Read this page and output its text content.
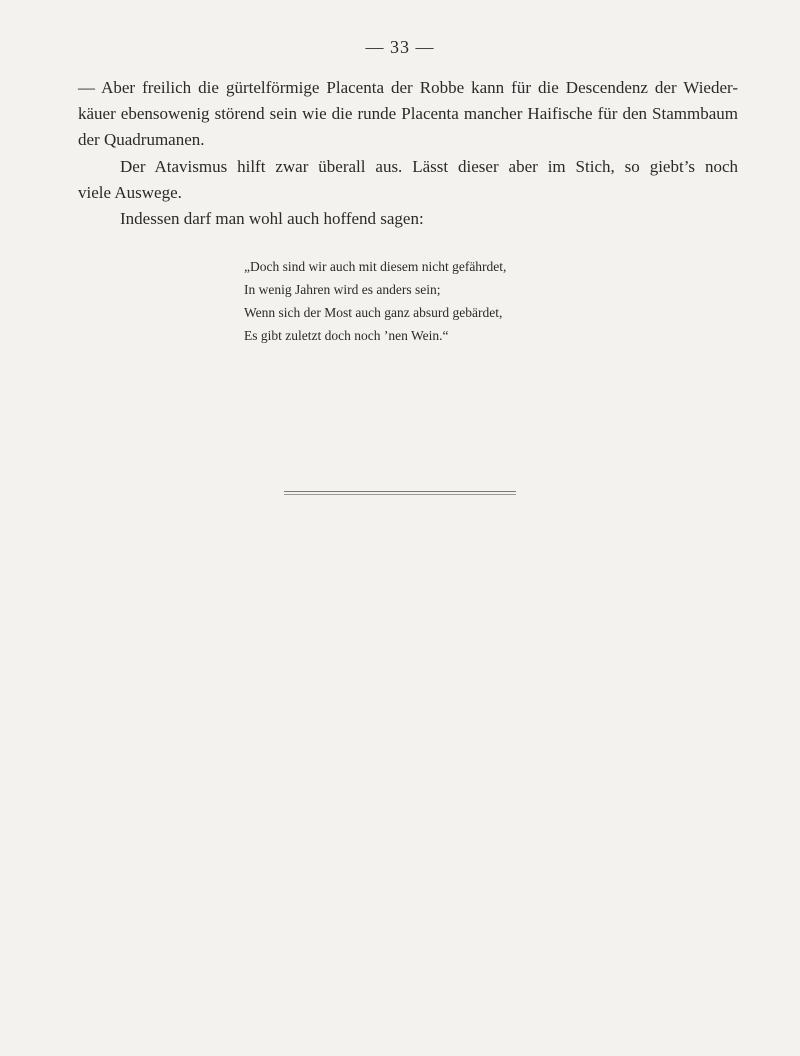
— 33 —
— Aber freilich die gürtelförmige Placenta der Robbe kann für die Descendenz der Wieder-
käuer ebensowenig störend sein wie die runde Placenta mancher Haifische für den Stammbaum
der Quadrumanen.
Der Atavismus hilft zwar überall aus. Lässt dieser aber im Stich, so giebt’s noch
viele Auswege.
Indessen darf man wohl auch hoffend sagen:
„Doch sind wir auch mit diesem nicht gefährdet,
In wenig Jahren wird es anders sein;
Wenn sich der Most auch ganz absurd gebärdet,
Es gibt zuletzt doch noch ’nen Wein.“
